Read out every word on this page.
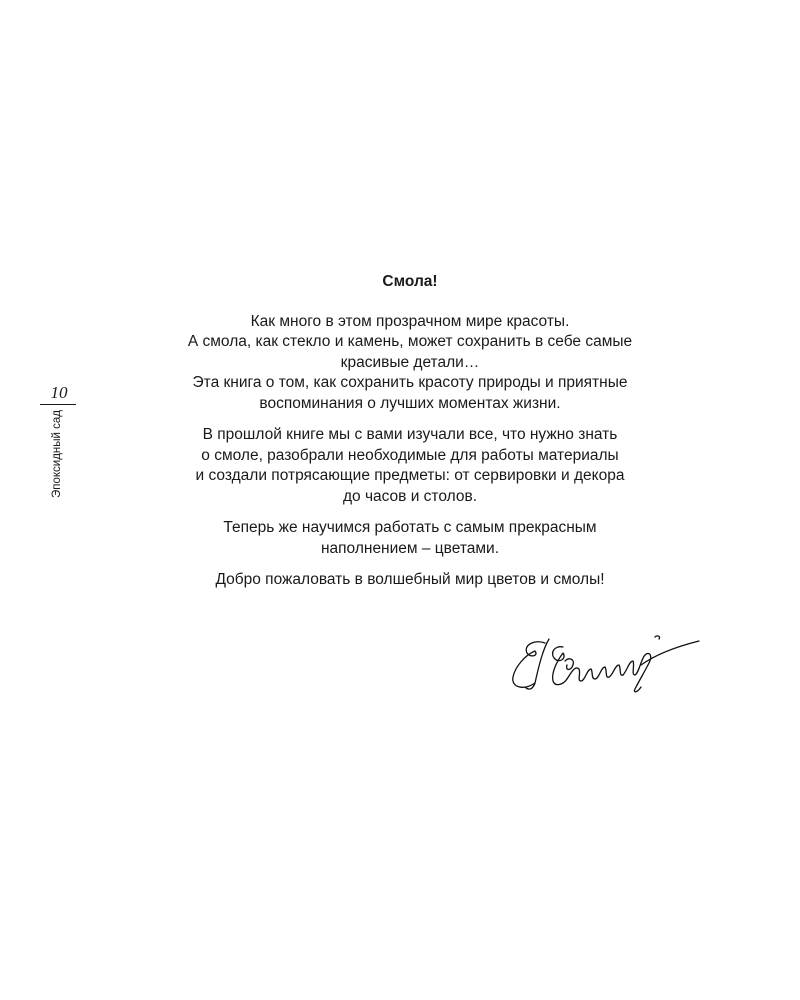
10
Эпоксидный сад
Смола!
Как много в этом прозрачном мире красоты.
А смола, как стекло и камень, может сохранить в себе самые
красивые детали…
Эта книга о том, как сохранить красоту природы и приятные
воспоминания о лучших моментах жизни.
В прошлой книге мы с вами изучали все, что нужно знать
о смоле, разобрали необходимые для работы материалы
и создали потрясающие предметы: от сервировки и декора
до часов и столов.
Теперь же научимся работать с самым прекрасным
наполнением – цветами.
Добро пожаловать в волшебный мир цветов и смолы!
